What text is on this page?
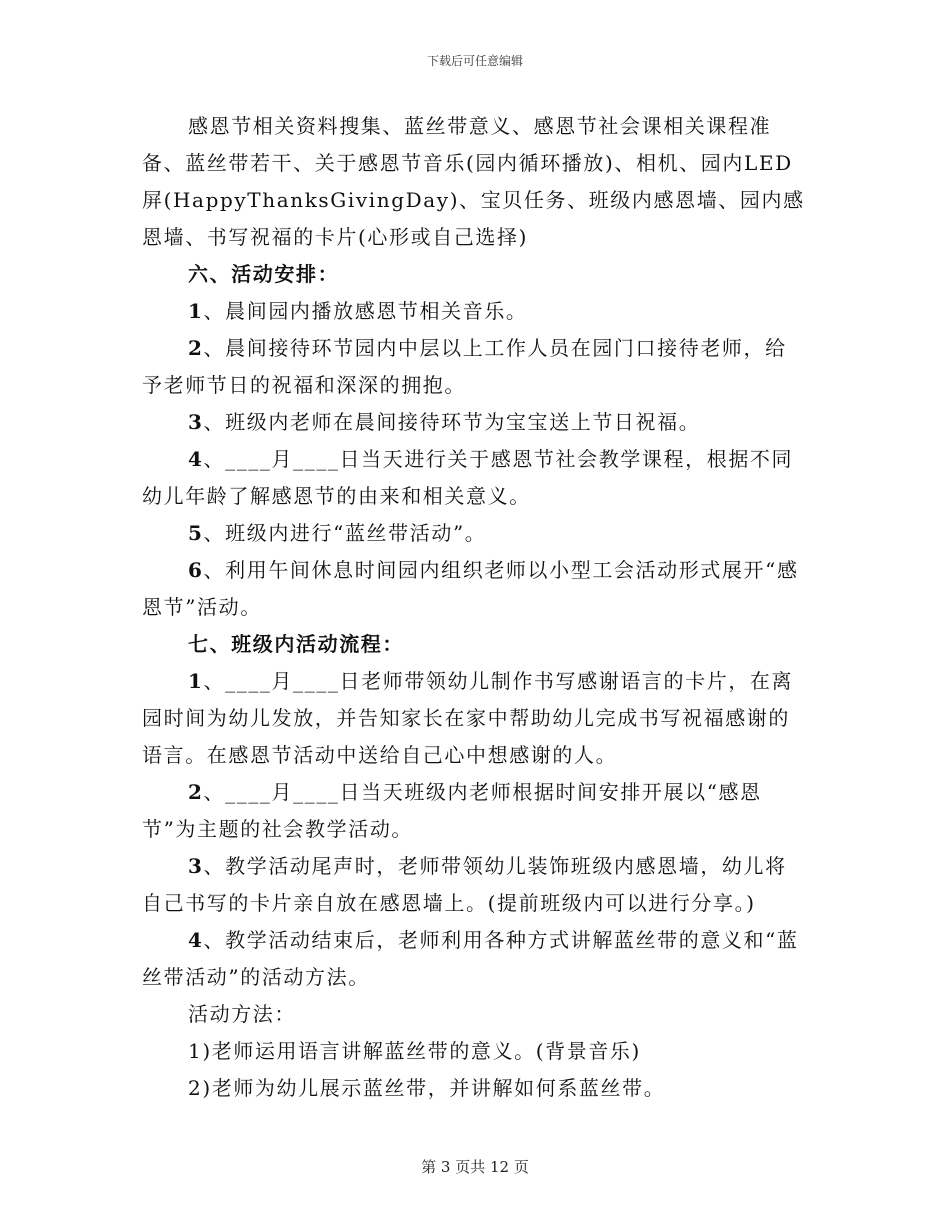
下载后可任意编辑

感恩节相关资料搜集、蓝丝带意义、感恩节社会课相关课程准备、蓝丝带若干、关于感恩节音乐(园内循环播放)、相机、园内LED屏(HappyThanksGivingDay)、宝贝任务、班级内感恩墙、园内感恩墙、书写祝福的卡片(心形或自己选择)

六、活动安排：

1、晨间园内播放感恩节相关音乐。

2、晨间接待环节园内中层以上工作人员在园门口接待老师，给予老师节日的祝福和深深的拥抱。

3、班级内老师在晨间接待环节为宝宝送上节日祝福。

4、____月____日当天进行关于感恩节社会教学课程，根据不同幼儿年龄了解感恩节的由来和相关意义。

5、班级内进行“蓝丝带活动”。

6、利用午间休息时间园内组织老师以小型工会活动形式展开“感恩节”活动。

七、班级内活动流程：

1、____月____日老师带领幼儿制作书写感谢语言的卡片，在离园时间为幼儿发放，并告知家长在家中帮助幼儿完成书写祝福感谢的语言。在感恩节活动中送给自己心中想感谢的人。

2、____月____日当天班级内老师根据时间安排开展以“感恩节”为主题的社会教学活动。

3、教学活动尾声时，老师带领幼儿装饰班级内感恩墙，幼儿将自己书写的卡片亲自放在感恩墙上。(提前班级内可以进行分享。)

4、教学活动结束后，老师利用各种方式讲解蓝丝带的意义和“蓝丝带活动”的活动方法。

活动方法：

1)老师运用语言讲解蓝丝带的意义。(背景音乐)

2)老师为幼儿展示蓝丝带，并讲解如何系蓝丝带。

第 3 页共 12 页
